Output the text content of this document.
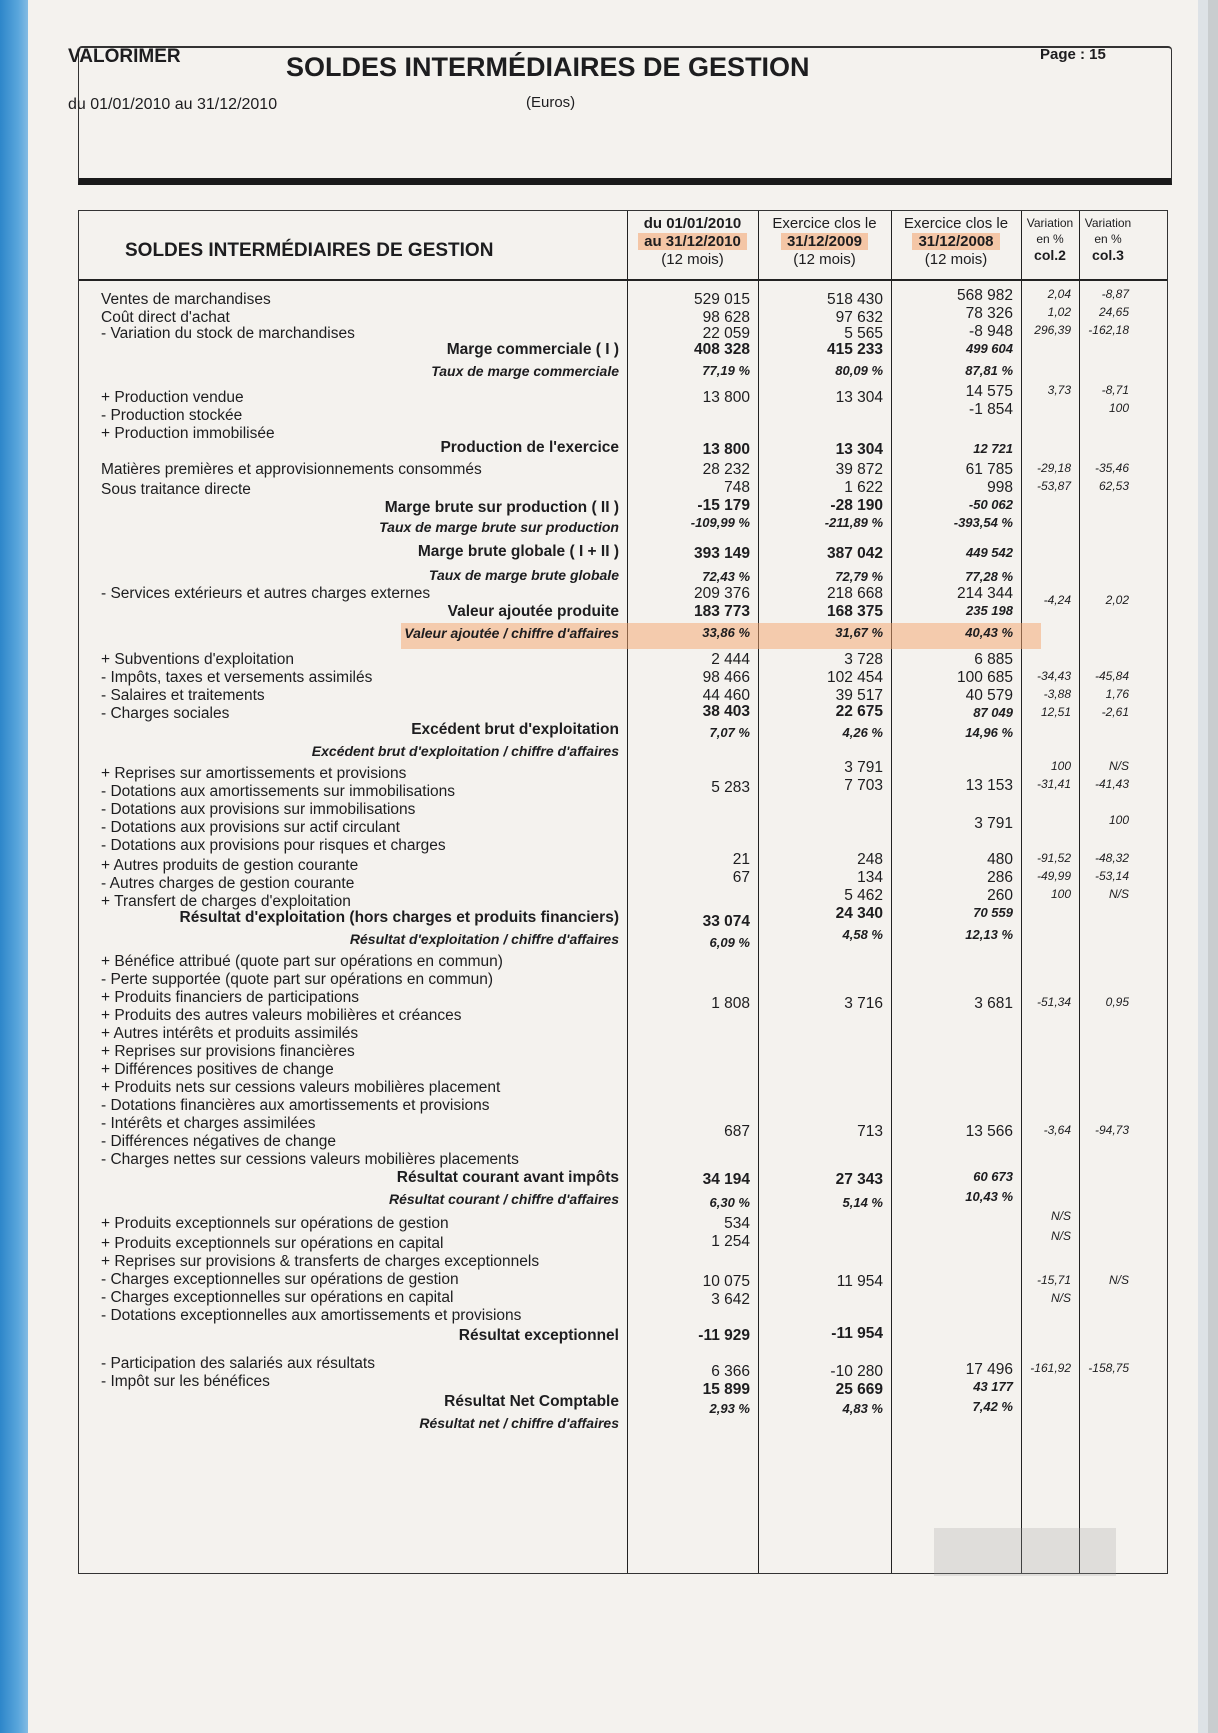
VALORIMER
du 01/01/2010 au 31/12/2010
SOLDES INTERMÉDIAIRES DE GESTION
(Euros)
Page : 15
SOLDES INTERMÉDIAIRES DE GESTION
du 01/01/2010
au 31/12/2010
(12 mois)
Exercice clos le
31/12/2009
(12 mois)
Exercice clos le
31/12/2008
(12 mois)
Variation
en %
col.2
Variation
en %
col.3
Ventes de marchandises
Coût direct d'achat
- Variation du stock de marchandises
Marge commerciale ( I )
Taux de marge commerciale
+ Production vendue
- Production stockée
+ Production immobilisée
Production de l'exercice
Matières premières et approvisionnements consommés
Sous traitance directe
Marge brute sur production ( II )
Taux de marge brute sur production
Marge brute globale ( I + II )
Taux de marge brute globale
- Services extérieurs et autres charges externes
Valeur ajoutée produite
Valeur ajoutée / chiffre d'affaires
+ Subventions d'exploitation
- Impôts, taxes et versements assimilés
- Salaires et traitements
- Charges sociales
Excédent brut d'exploitation
Excédent brut d'exploitation / chiffre d'affaires
+ Reprises sur amortissements et provisions
- Dotations aux amortissements sur immobilisations
- Dotations aux provisions sur immobilisations
- Dotations aux provisions sur actif circulant
- Dotations aux provisions pour risques et charges
+ Autres produits de gestion courante
- Autres charges de gestion courante
+ Transfert de charges d'exploitation
Résultat d'exploitation (hors charges et produits financiers)
Résultat d'exploitation / chiffre d'affaires
+ Bénéfice attribué (quote part sur opérations en commun)
- Perte supportée (quote part sur opérations en commun)
+ Produits financiers de participations
+ Produits des autres valeurs mobilières et créances
+ Autres intérêts et produits assimilés
+ Reprises sur provisions financières
+ Différences positives de change
+ Produits nets sur cessions valeurs mobilières placement
- Dotations financières aux amortissements et provisions
- Intérêts et charges assimilées
- Différences négatives de change
- Charges nettes sur cessions valeurs mobilières placements
Résultat courant avant impôts
Résultat courant / chiffre d'affaires
+ Produits exceptionnels sur opérations de gestion
+ Produits exceptionnels sur opérations en capital
+ Reprises sur provisions & transferts de charges exceptionnels
- Charges exceptionnelles sur opérations de gestion
- Charges exceptionnelles sur opérations en capital
- Dotations exceptionnelles aux amortissements et provisions
Résultat exceptionnel
- Participation des salariés aux résultats
- Impôt sur les bénéfices
Résultat Net Comptable
Résultat net / chiffre d'affaires
529 015
98 628
22 059
408 328
77,19 %
13 800
13 800
28 232
748
-15 179
-109,99 %
393 149
72,43 %
209 376
183 773
33,86 %
2 444
98 466
44 460
38 403
7,07 %
5 283
21
67
33 074
6,09 %
1 808
687
34 194
6,30 %
534
1 254
10 075
3 642
-11 929
6 366
15 899
2,93 %
518 430
97 632
5 565
415 233
80,09 %
13 304
13 304
39 872
1 622
-28 190
-211,89 %
387 042
72,79 %
218 668
168 375
31,67 %
3 728
102 454
39 517
22 675
4,26 %
3 791
7 703
248
134
5 462
24 340
4,58 %
3 716
713
27 343
5,14 %
11 954
-11 954
-10 280
25 669
4,83 %
568 982
78 326
-8 948
499 604
87,81 %
14 575
-1 854
12 721
61 785
998
-50 062
-393,54 %
449 542
77,28 %
214 344
235 198
40,43 %
6 885
100 685
40 579
87 049
14,96 %
13 153
3 791
480
286
260
70 559
12,13 %
3 681
13 566
60 673
10,43 %
17 496
43 177
7,42 %
2,04
1,02
296,39
3,73
-29,18
-53,87
-4,24
-34,43
-3,88
12,51
100
-31,41
-91,52
-49,99
100
-51,34
-3,64
N/S
N/S
-15,71
N/S
-161,92
-8,87
24,65
-162,18
-8,71
100
-35,46
62,53
2,02
-45,84
1,76
-2,61
N/S
-41,43
100
-48,32
-53,14
N/S
0,95
-94,73
N/S
-158,75
